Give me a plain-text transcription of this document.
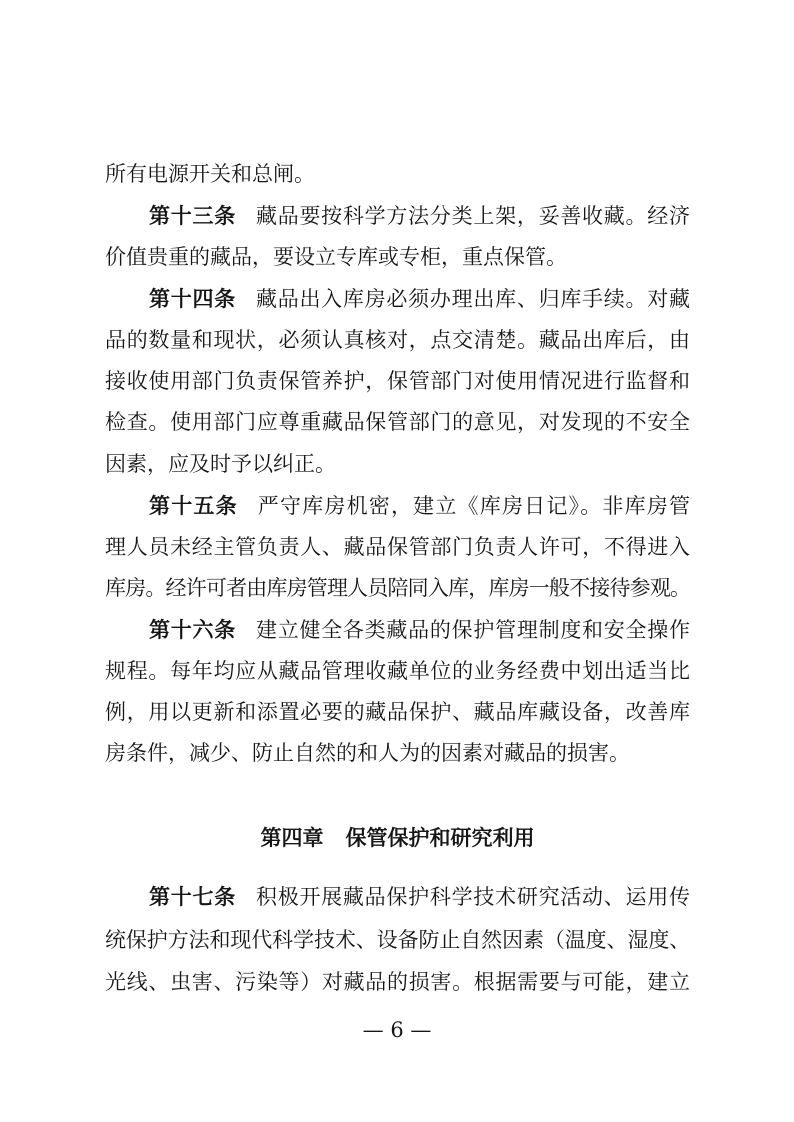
所有电源开关和总闸。
第十三条 藏品要按科学方法分类上架，妥善收藏。经济
价值贵重的藏品，要设立专库或专柜，重点保管。
第十四条 藏品出入库房必须办理出库、归库手续。对藏
品的数量和现状，必须认真核对，点交清楚。藏品出库后，由
接收使用部门负责保管养护，保管部门对使用情况进行监督和
检查。使用部门应尊重藏品保管部门的意见，对发现的不安全
因素，应及时予以纠正。
第十五条 严守库房机密，建立《库房日记》。非库房管
理人员未经主管负责人、藏品保管部门负责人许可，不得进入
库房。经许可者由库房管理人员陪同入库，库房一般不接待参观。
第十六条 建立健全各类藏品的保护管理制度和安全操作
规程。每年均应从藏品管理收藏单位的业务经费中划出适当比
例，用以更新和添置必要的藏品保护、藏品库藏设备，改善库
房条件，减少、防止自然的和人为的因素对藏品的损害。
第四章 保管保护和研究利用
第十七条 积极开展藏品保护科学技术研究活动、运用传
统保护方法和现代科学技术、设备防止自然因素（温度、湿度、
光线、虫害、污染等）对藏品的损害。根据需要与可能，建立
— 6 —
